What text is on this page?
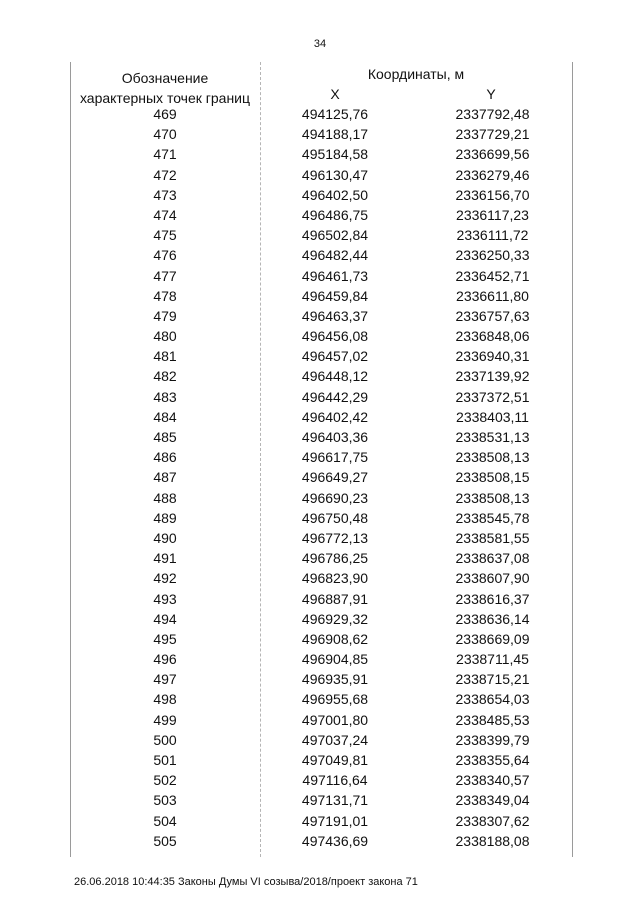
34
Обозначение
характерных точек границ
Координаты, м
X	Y
469	494125,76	2337792,48
470	494188,17	2337729,21
471	495184,58	2336699,56
472	496130,47	2336279,46
473	496402,50	2336156,70
474	496486,75	2336117,23
475	496502,84	2336111,72
476	496482,44	2336250,33
477	496461,73	2336452,71
478	496459,84	2336611,80
479	496463,37	2336757,63
480	496456,08	2336848,06
481	496457,02	2336940,31
482	496448,12	2337139,92
483	496442,29	2337372,51
484	496402,42	2338403,11
485	496403,36	2338531,13
486	496617,75	2338508,13
487	496649,27	2338508,15
488	496690,23	2338508,13
489	496750,48	2338545,78
490	496772,13	2338581,55
491	496786,25	2338637,08
492	496823,90	2338607,90
493	496887,91	2338616,37
494	496929,32	2338636,14
495	496908,62	2338669,09
496	496904,85	2338711,45
497	496935,91	2338715,21
498	496955,68	2338654,03
499	497001,80	2338485,53
500	497037,24	2338399,79
501	497049,81	2338355,64
502	497116,64	2338340,57
503	497131,71	2338349,04
504	497191,01	2338307,62
505	497436,69	2338188,08
26.06.2018 10:44:35 Законы Думы VI созыва/2018/проект закона 71
